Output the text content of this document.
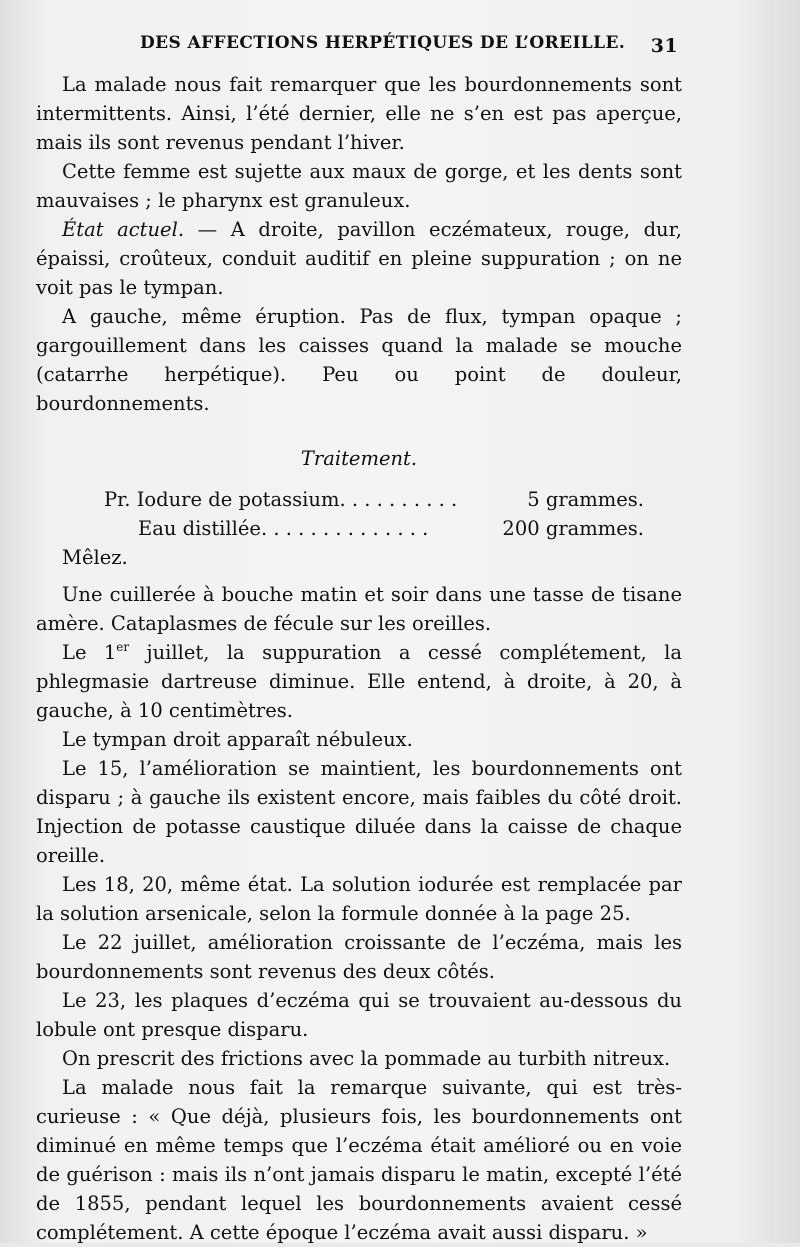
DES AFFECTIONS HERPÉTIQUES DE L’OREILLE. 31

La malade nous fait remarquer que les bourdonnements sont intermittents. Ainsi, l’été dernier, elle ne s’en est pas aperçue, mais ils sont revenus pendant l’hiver.

Cette femme est sujette aux maux de gorge, et les dents sont mauvaises ; le pharynx est granuleux.

État actuel. — A droite, pavillon eczémateux, rouge, dur, épaissi, croûteux, conduit auditif en pleine suppuration ; on ne voit pas le tympan.

A gauche, même éruption. Pas de flux, tympan opaque ; gargouillement dans les caisses quand la malade se mouche (catarrhe herpétique). Peu ou point de douleur, bourdonnements.

Traitement.
Pr. Iodure de potassium. . . . . . . . . .	5 grammes.
Eau distillée. . . . . . . . . . . . . .	200 grammes.

Mêlez.

Une cuillerée à bouche matin et soir dans une tasse de tisane amère. Cataplasmes de fécule sur les oreilles.

Le 1er juillet, la suppuration a cessé complétement, la phlegmasie dartreuse diminue. Elle entend, à droite, à 20, à gauche, à 10 centimètres.

Le tympan droit apparaît nébuleux.

Le 15, l’amélioration se maintient, les bourdonnements ont disparu ; à gauche ils existent encore, mais faibles du côté droit. Injection de potasse caustique diluée dans la caisse de chaque oreille.

Les 18, 20, même état. La solution iodurée est remplacée par la solution arsenicale, selon la formule donnée à la page 25.

Le 22 juillet, amélioration croissante de l’eczéma, mais les bourdonnements sont revenus des deux côtés.

Le 23, les plaques d’eczéma qui se trouvaient au-dessous du lobule ont presque disparu.

On prescrit des frictions avec la pommade au turbith nitreux.

La malade nous fait la remarque suivante, qui est très-curieuse : « Que déjà, plusieurs fois, les bourdonnements ont diminué en même temps que l’eczéma était amélioré ou en voie de guérison : mais ils n’ont jamais disparu le matin, excepté l’été de 1855, pendant lequel les bourdonnements avaient cessé complétement. A cette époque l’eczéma avait aussi disparu. »
